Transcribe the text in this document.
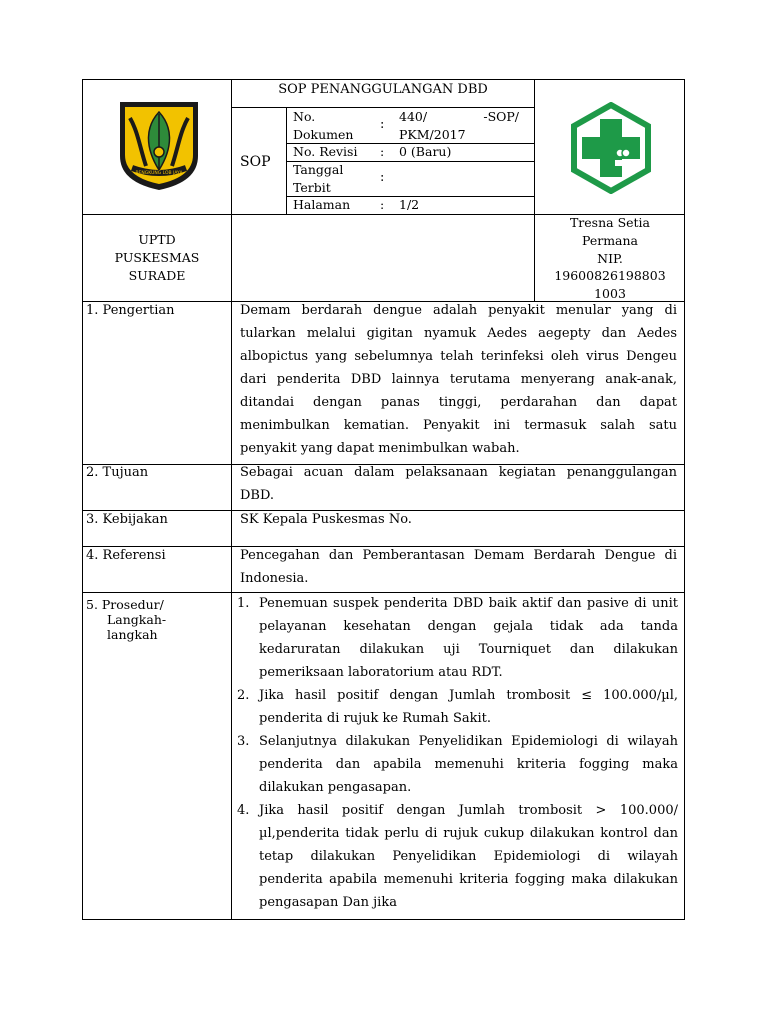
BENGKUNG LOB JAYA
SOP PENANGGULANGAN DBD
SOP
No. Dokumen
:
440/ -SOP/ PKM/2017
No. Revisi : 0 (Baru)
Tanggal Terbit
:
Halaman : 1/2
UPTD
PUSKESMAS
SURADE
Tresna Setia Permana
NIP.
19600826198803 1003
1. Pengertian
2. Tujuan
3. Kebijakan
4. Referensi
5. Prosedur/
Langkah-
langkah
Demam berdarah dengue adalah penyakit menular yang di tularkan melalui gigitan nyamuk Aedes aegepty dan Aedes albopictus yang sebelumnya telah terinfeksi oleh virus Dengeu dari penderita DBD lainnya terutama menyerang anak-anak, ditandai dengan panas tinggi, perdarahan dan dapat menimbulkan kematian. Penyakit ini termasuk salah satu penyakit yang dapat menimbulkan wabah.
Sebagai acuan dalam pelaksanaan kegiatan penanggulangan DBD.
SK Kepala Puskesmas No.
Pencegahan dan Pemberantasan Demam Berdarah Dengue di Indonesia.
1. Penemuan suspek penderita DBD baik aktif dan pasive di unit pelayanan kesehatan dengan gejala tidak ada tanda kedaruratan dilakukan uji Tourniquet dan dilakukan pemeriksaan laboratorium atau RDT.
2. Jika hasil positif dengan Jumlah trombosit ≤ 100.000/µl, penderita di rujuk ke Rumah Sakit.
3. Selanjutnya dilakukan Penyelidikan Epidemiologi di wilayah penderita dan apabila memenuhi kriteria fogging maka dilakukan pengasapan.
4. Jika hasil positif dengan Jumlah trombosit > 100.000/µl,penderita tidak perlu di rujuk cukup dilakukan kontrol dan tetap dilakukan Penyelidikan Epidemiologi di wilayah penderita apabila memenuhi kriteria fogging maka dilakukan pengasapan Dan jika
